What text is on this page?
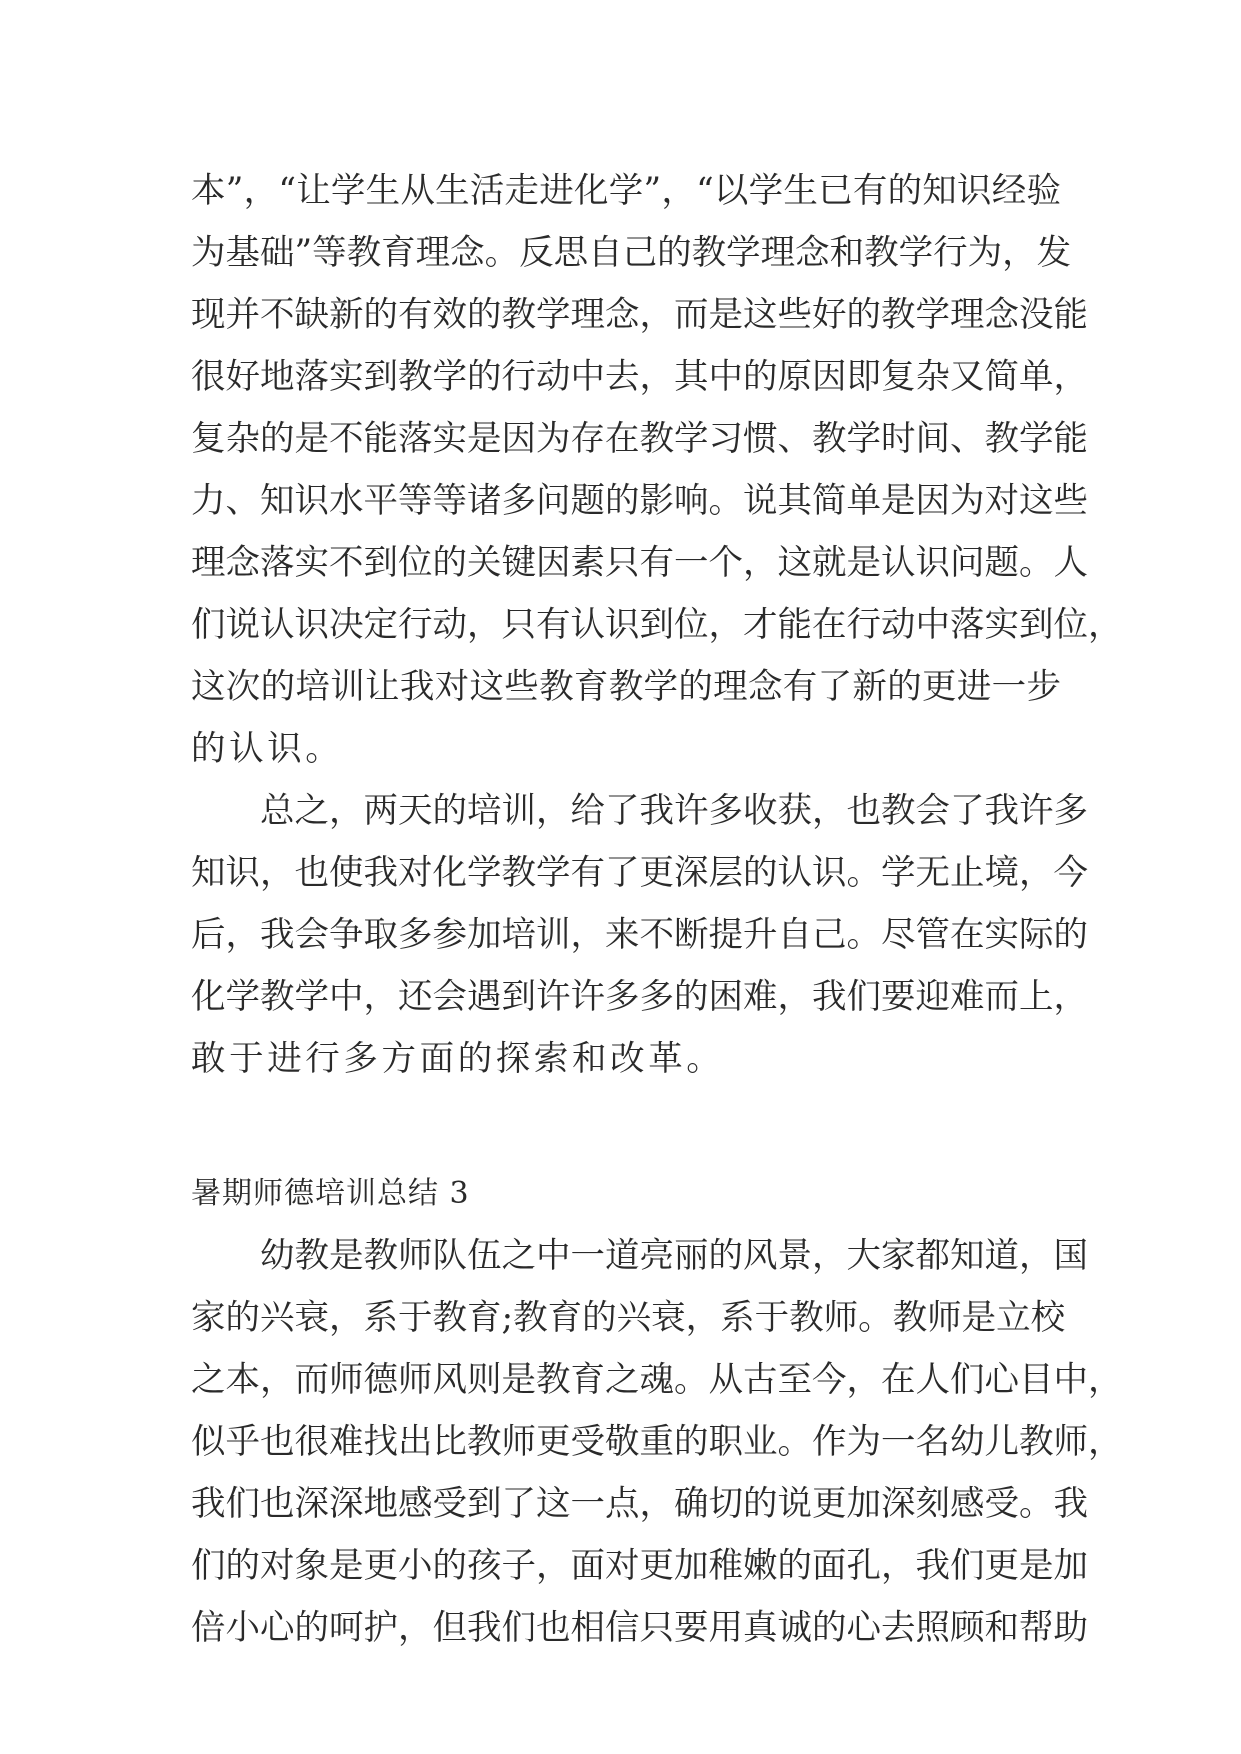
本”，“让学生从生活走进化学”，“以学生已有的知识经验
为基础”等教育理念。反思自己的教学理念和教学行为，发
现并不缺新的有效的教学理念，而是这些好的教学理念没能
很好地落实到教学的行动中去，其中的原因即复杂又简单，
复杂的是不能落实是因为存在教学习惯、教学时间、教学能
力、知识水平等等诸多问题的影响。说其简单是因为对这些
理念落实不到位的关键因素只有一个，这就是认识问题。人
们说认识决定行动，只有认识到位，才能在行动中落实到位，
这次的培训让我对这些教育教学的理念有了新的更进一步
的认识。
总之，两天的培训，给了我许多收获，也教会了我许多
知识，也使我对化学教学有了更深层的认识。学无止境，今
后，我会争取多参加培训，来不断提升自己。尽管在实际的
化学教学中，还会遇到许许多多的困难，我们要迎难而上，
敢于进行多方面的探索和改革。
暑期师德培训总结 3
幼教是教师队伍之中一道亮丽的风景，大家都知道，国
家的兴衰，系于教育;教育的兴衰，系于教师。教师是立校
之本，而师德师风则是教育之魂。从古至今，在人们心目中，
似乎也很难找出比教师更受敬重的职业。作为一名幼儿教师，
我们也深深地感受到了这一点，确切的说更加深刻感受。我
们的对象是更小的孩子，面对更加稚嫩的面孔，我们更是加
倍小心的呵护，但我们也相信只要用真诚的心去照顾和帮助
